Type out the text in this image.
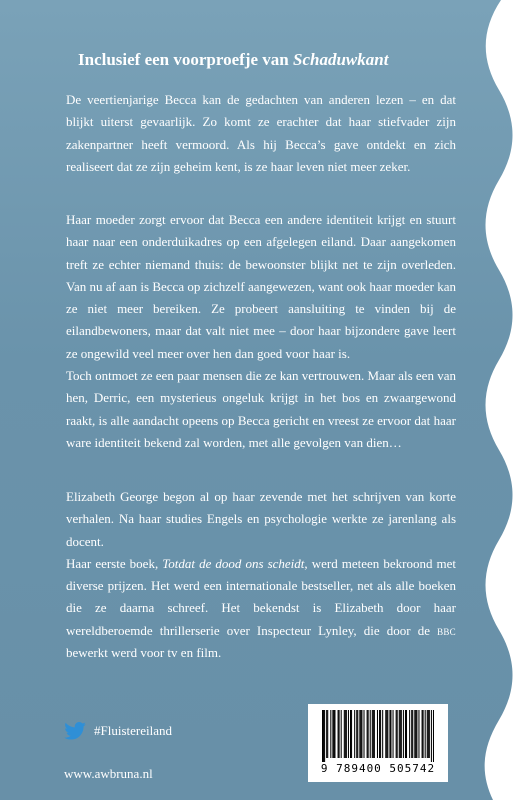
Inclusief een voorproefje van Schaduwkant

De veertienjarige Becca kan de gedachten van anderen lezen – en dat blijkt uiterst gevaarlijk. Zo komt ze erachter dat haar stiefvader zijn zakenpartner heeft vermoord. Als hij Becca’s gave ontdekt en zich realiseert dat ze zijn geheim kent, is ze haar leven niet meer zeker.

Haar moeder zorgt ervoor dat Becca een andere identiteit krijgt en stuurt haar naar een onderduikadres op een afgelegen eiland. Daar aangekomen treft ze echter niemand thuis: de bewoonster blijkt net te zijn overleden. Van nu af aan is Becca op zichzelf aangewezen, want ook haar moeder kan ze niet meer bereiken. Ze probeert aansluiting te vinden bij de eilandbewoners, maar dat valt niet mee – door haar bijzondere gave leert ze ongewild veel meer over hen dan goed voor haar is.

Toch ontmoet ze een paar mensen die ze kan vertrouwen. Maar als een van hen, Derric, een mysterieus ongeluk krijgt in het bos en zwaargewond raakt, is alle aandacht opeens op Becca gericht en vreest ze ervoor dat haar ware identiteit bekend zal worden, met alle gevolgen van dien…

Elizabeth George begon al op haar zevende met het schrijven van korte verhalen. Na haar studies Engels en psychologie werkte ze jarenlang als docent.

Haar eerste boek, Totdat de dood ons scheidt, werd meteen bekroond met diverse prijzen. Het werd een internationale bestseller, net als alle boeken die ze daarna schreef. Het bekendst is Elizabeth door haar wereldberoemde thrillerserie over Inspecteur Lynley, die door de bbc bewerkt werd voor tv en film.

#Fluistereiland
www.awbruna.nl	9 789400 505742
